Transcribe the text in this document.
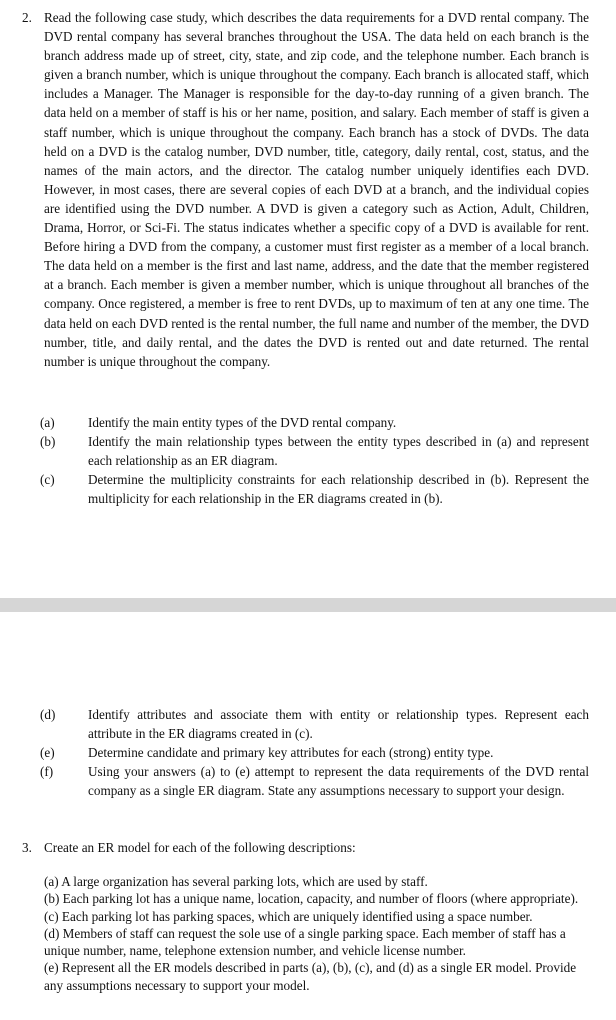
2. Read the following case study, which describes the data requirements for a DVD rental company. The DVD rental company has several branches throughout the USA. The data held on each branch is the branch address made up of street, city, state, and zip code, and the telephone number. Each branch is given a branch number, which is unique throughout the company. Each branch is allocated staff, which includes a Manager. The Manager is responsible for the day-to-day running of a given branch. The data held on a member of staff is his or her name, position, and salary. Each member of staff is given a staff number, which is unique throughout the company. Each branch has a stock of DVDs. The data held on a DVD is the catalog number, DVD number, title, category, daily rental, cost, status, and the names of the main actors, and the director. The catalog number uniquely identifies each DVD. However, in most cases, there are several copies of each DVD at a branch, and the individual copies are identified using the DVD number. A DVD is given a category such as Action, Adult, Children, Drama, Horror, or Sci-Fi. The status indicates whether a specific copy of a DVD is available for rent. Before hiring a DVD from the company, a customer must first register as a member of a local branch. The data held on a member is the first and last name, address, and the date that the member registered at a branch. Each member is given a member number, which is unique throughout all branches of the company. Once registered, a member is free to rent DVDs, up to maximum of ten at any one time. The data held on each DVD rented is the rental number, the full name and number of the member, the DVD number, title, and daily rental, and the dates the DVD is rented out and date returned. The rental number is unique throughout the company.

(a)	Identify the main entity types of the DVD rental company.

(b) Identify the main relationship types between the entity types described in (a) and represent each relationship as an ER diagram.

(c)	Determine the multiplicity constraints for each relationship described in (b). Represent the multiplicity for each relationship in the ER diagrams created in (b).

(d) Identify attributes and associate them with entity or relationship types. Represent each attribute in the ER diagrams created in (c).

(e)	Determine candidate and primary key attributes for each (strong) entity type.

(f)	Using your answers (a) to (e) attempt to represent the data requirements of the DVD rental company as a single ER diagram. State any assumptions necessary to support your design.

3. Create an ER model for each of the following descriptions:
(a) A large organization has several parking lots, which are used by staff.
(b) Each parking lot has a unique name, location, capacity, and number of floors (where appropriate).
(c) Each parking lot has parking spaces, which are uniquely identified using a space number.
(d) Members of staff can request the sole use of a single parking space. Each member of staff has a unique number, name, telephone extension number, and vehicle license number.
(e) Represent all the ER models described in parts (a), (b), (c), and (d) as a single ER model. Provide any assumptions necessary to support your model.
